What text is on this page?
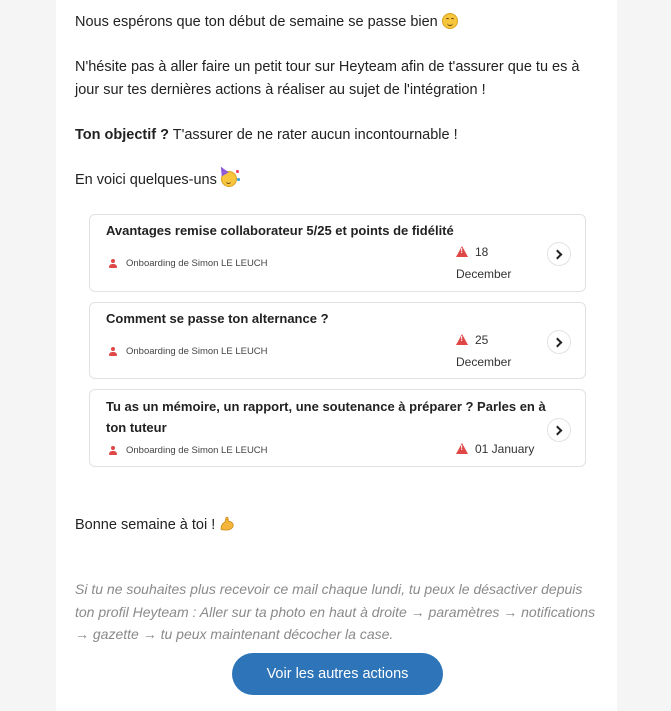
Nous espérons que ton début de semaine se passe bien

N'hésite pas à aller faire un petit tour sur Heyteam afin de t'assurer que tu es à jour sur tes dernières actions à réaliser au sujet de l'intégration !

Ton objectif ? T'assurer de ne rater aucun incontournable !

En voici quelques-uns

Avantages remise collaborateur 5/25 et points de fidélité

Onboarding de Simon LE LEUCH
!
18
December

Comment se passe ton alternance ?

Onboarding de Simon LE LEUCH
!
25
December

Tu as un mémoire, un rapport, une soutenance à préparer ? Parles en à ton tuteur

Onboarding de Simon LE LEUCH
!	01 January

Bonne semaine à toi !

Si tu ne souhaites plus recevoir ce mail chaque lundi, tu peux le désactiver depuis ton profil Heyteam : Aller sur ta photo en haut à droite → paramètres → notifications → gazette → tu peux maintenant décocher la case.

Voir les autres actions
